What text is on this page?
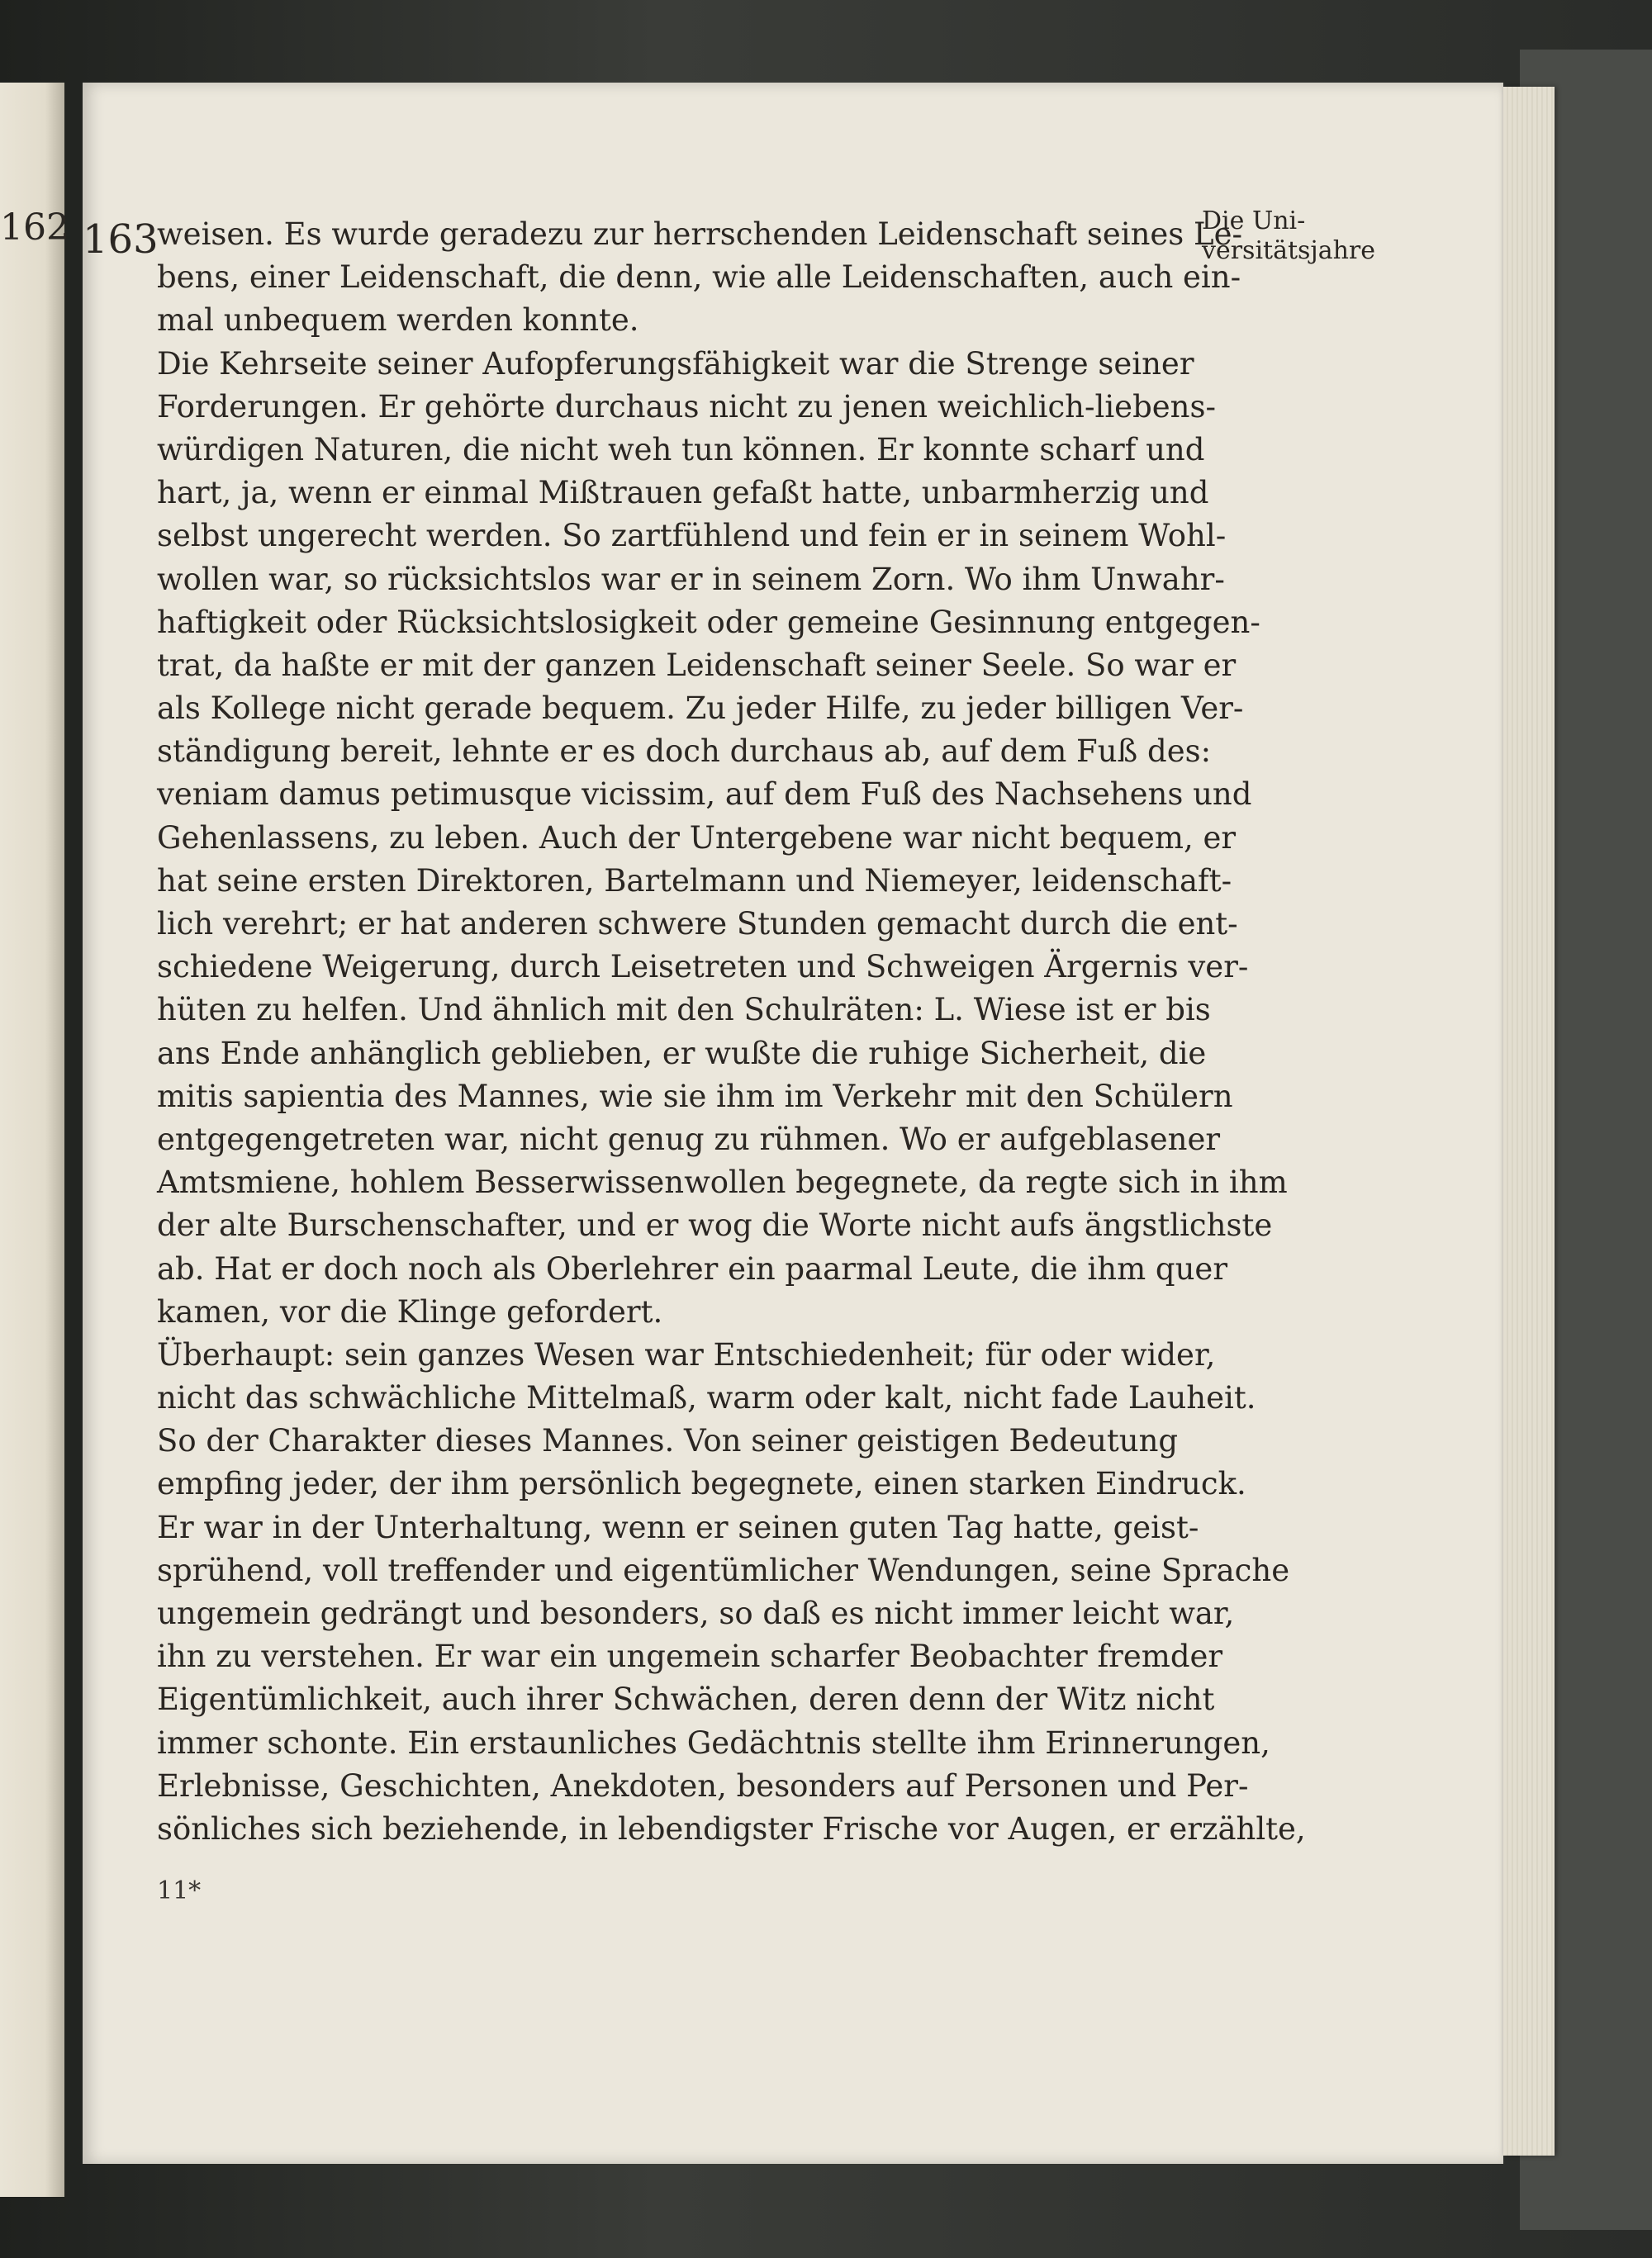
162 163	Die Uni-
versitätsjahre
weisen. Es wurde geradezu zur herrschenden Leidenschaft seines Le-
bens, einer Leidenschaft, die denn, wie alle Leidenschaften, auch ein-
mal unbequem werden konnte.
Die Kehrseite seiner Aufopferungsfähigkeit war die Strenge seiner
Forderungen. Er gehörte durchaus nicht zu jenen weichlich-liebens-
würdigen Naturen, die nicht weh tun können. Er konnte scharf und
hart, ja, wenn er einmal Mißtrauen gefaßt hatte, unbarmherzig und
selbst ungerecht werden. So zartfühlend und fein er in seinem Wohl-
wollen war, so rücksichtslos war er in seinem Zorn. Wo ihm Unwahr-
haftigkeit oder Rücksichtslosigkeit oder gemeine Gesinnung entgegen-
trat, da haßte er mit der ganzen Leidenschaft seiner Seele. So war er
als Kollege nicht gerade bequem. Zu jeder Hilfe, zu jeder billigen Ver-
ständigung bereit, lehnte er es doch durchaus ab, auf dem Fuß des:
veniam damus petimusque vicissim, auf dem Fuß des Nachsehens und
Gehenlassens, zu leben. Auch der Untergebene war nicht bequem, er
hat seine ersten Direktoren, Bartelmann und Niemeyer, leidenschaft-
lich verehrt; er hat anderen schwere Stunden gemacht durch die ent-
schiedene Weigerung, durch Leisetreten und Schweigen Ärgernis ver-
hüten zu helfen. Und ähnlich mit den Schulräten: L. Wiese ist er bis
ans Ende anhänglich geblieben, er wußte die ruhige Sicherheit, die
mitis sapientia des Mannes, wie sie ihm im Verkehr mit den Schülern
entgegengetreten war, nicht genug zu rühmen. Wo er aufgeblasener
Amtsmiene, hohlem Besserwissenwollen begegnete, da regte sich in ihm
der alte Burschenschafter, und er wog die Worte nicht aufs ängstlichste
ab. Hat er doch noch als Oberlehrer ein paarmal Leute, die ihm quer
kamen, vor die Klinge gefordert.
Überhaupt: sein ganzes Wesen war Entschiedenheit; für oder wider,
nicht das schwächliche Mittelmaß, warm oder kalt, nicht fade Lauheit.
So der Charakter dieses Mannes. Von seiner geistigen Bedeutung
empfing jeder, der ihm persönlich begegnete, einen starken Eindruck.
Er war in der Unterhaltung, wenn er seinen guten Tag hatte, geist-
sprühend, voll treffender und eigentümlicher Wendungen, seine Sprache
ungemein gedrängt und besonders, so daß es nicht immer leicht war,
ihn zu verstehen. Er war ein ungemein scharfer Beobachter fremder
Eigentümlichkeit, auch ihrer Schwächen, deren denn der Witz nicht
immer schonte. Ein erstaunliches Gedächtnis stellte ihm Erinnerungen,
Erlebnisse, Geschichten, Anekdoten, besonders auf Personen und Per-
sönliches sich beziehende, in lebendigster Frische vor Augen, er erzählte,
11*
